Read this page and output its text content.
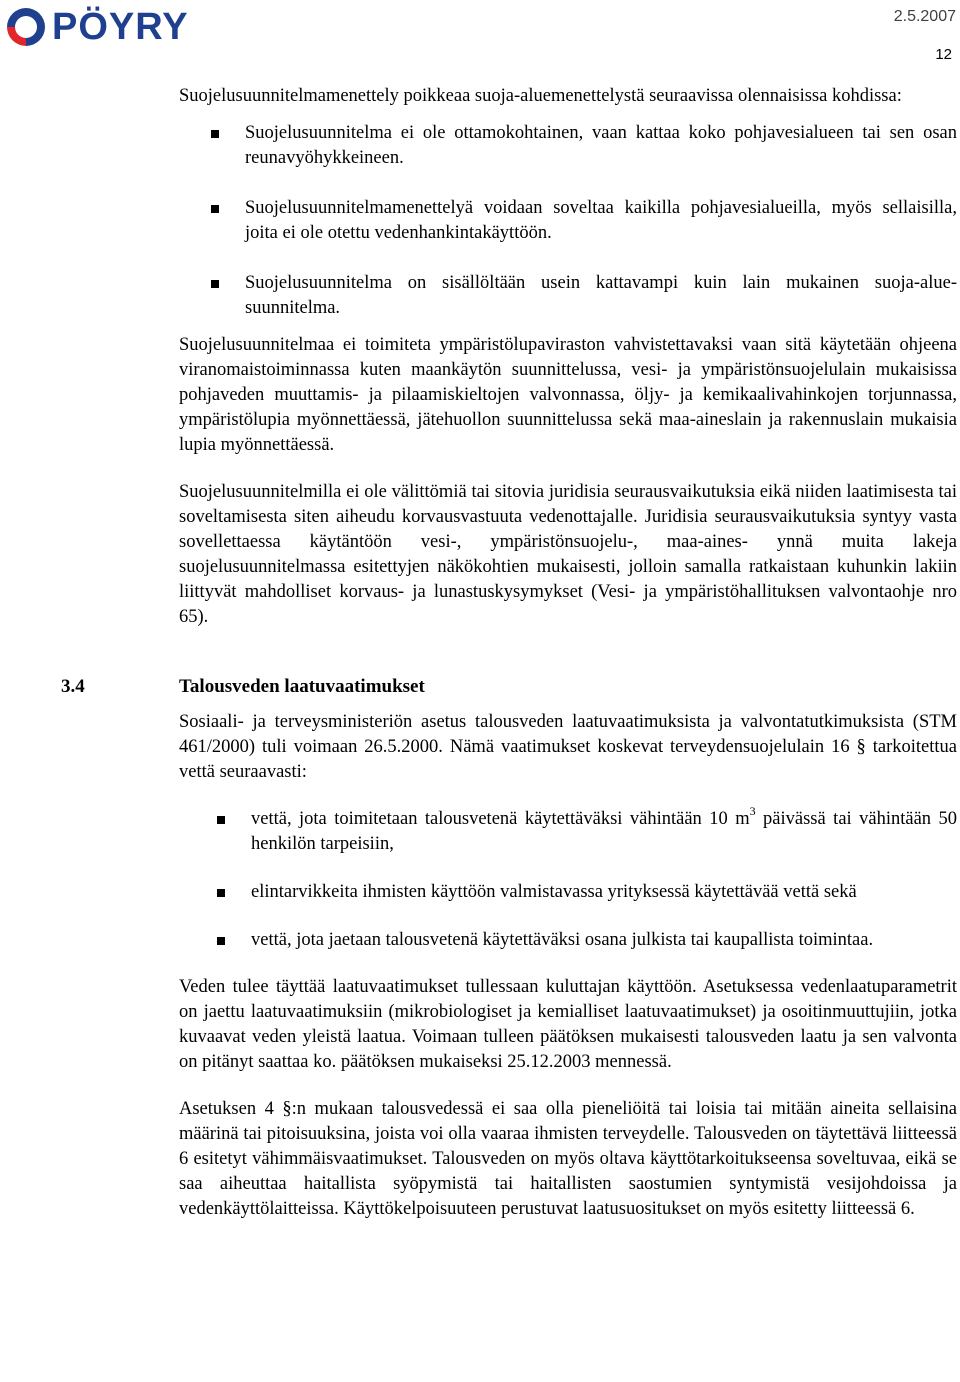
PÖYRY	2.5.2007
12

Suojelusuunnitelmamenettely poikkeaa suoja-aluemenettelystä seuraavissa olennaisissa kohdissa:

Suojelusuunnitelma ei ole ottamokohtainen, vaan kattaa koko pohjavesialueen tai sen osan reunavyöhykkeineen.
Suojelusuunnitelmamenettelyä voidaan soveltaa kaikilla pohjavesialueilla, myös sellaisilla, joita ei ole otettu vedenhankintakäyttöön.
Suojelusuunnitelma on sisällöltään usein kattavampi kuin lain mukainen suoja-alue-suunnitelma.

Suojelusuunnitelmaa ei toimiteta ympäristölupaviraston vahvistettavaksi vaan sitä käytetään ohjeena viranomaistoiminnassa kuten maankäytön suunnittelussa, vesi- ja ympäristönsuojelulain mukaisissa pohjaveden muuttamis- ja pilaamiskieltojen valvonnassa, öljy- ja kemikaalivahinkojen torjunnassa, ympäristölupia myönnettäessä, jätehuollon suunnittelussa sekä maa-aineslain ja rakennuslain mukaisia lupia myönnettäessä.

Suojelusuunnitelmilla ei ole välittömiä tai sitovia juridisia seurausvaikutuksia eikä niiden laatimisesta tai soveltamisesta siten aiheudu korvausvastuuta vedenottajalle. Juridisia seurausvaikutuksia syntyy vasta sovellettaessa käytäntöön vesi-, ympäristönsuojelu-, maa-aines- ynnä muita lakeja suojelusuunnitelmassa esitettyjen näkökohtien mukaisesti, jolloin samalla ratkaistaan kuhunkin lakiin liittyvät mahdolliset korvaus- ja lunastuskysymykset (Vesi- ja ympäristöhallituksen valvontaohje nro 65).

3.4	Talousveden laatuvaatimukset

Sosiaali- ja terveysministeriön asetus talousveden laatuvaatimuksista ja valvontatutkimuksista (STM 461/2000) tuli voimaan 26.5.2000. Nämä vaatimukset koskevat terveydensuojelulain 16 § tarkoitettua vettä seuraavasti:

vettä, jota toimitetaan talousvetenä käytettäväksi vähintään 10 $m^3$ päivässä tai vähintään 50 henkilön tarpeisiin,
elintarvikkeita ihmisten käyttöön valmistavassa yrityksessä käytettävää vettä sekä
vettä, jota jaetaan talousvetenä käytettäväksi osana julkista tai kaupallista toimintaa.

Veden tulee täyttää laatuvaatimukset tullessaan kuluttajan käyttöön. Asetuksessa vedenlaatuparametrit on jaettu laatuvaatimuksiin (mikrobiologiset ja kemialliset laatuvaatimukset) ja osoitinmuuttujiin, jotka kuvaavat veden yleistä laatua. Voimaan tulleen päätöksen mukaisesti talousveden laatu ja sen valvonta on pitänyt saattaa ko. päätöksen mukaiseksi 25.12.2003 mennessä.

Asetuksen 4 §:n mukaan talousvedessä ei saa olla pieneliöitä tai loisia tai mitään aineita sellaisina määrinä tai pitoisuuksina, joista voi olla vaaraa ihmisten terveydelle. Talousveden on täytettävä liitteessä 6 esitetyt vähimmäisvaatimukset. Talousveden on myös oltava käyttötarkoitukseensa soveltuvaa, eikä se saa aiheuttaa haitallista syöpymistä tai haitallisten saostumien syntymistä vesijohdoissa ja vedenkäyttölaitteissa. Käyttökelpoisuuteen perustuvat laatusuositukset on myös esitetty liitteessä 6.
